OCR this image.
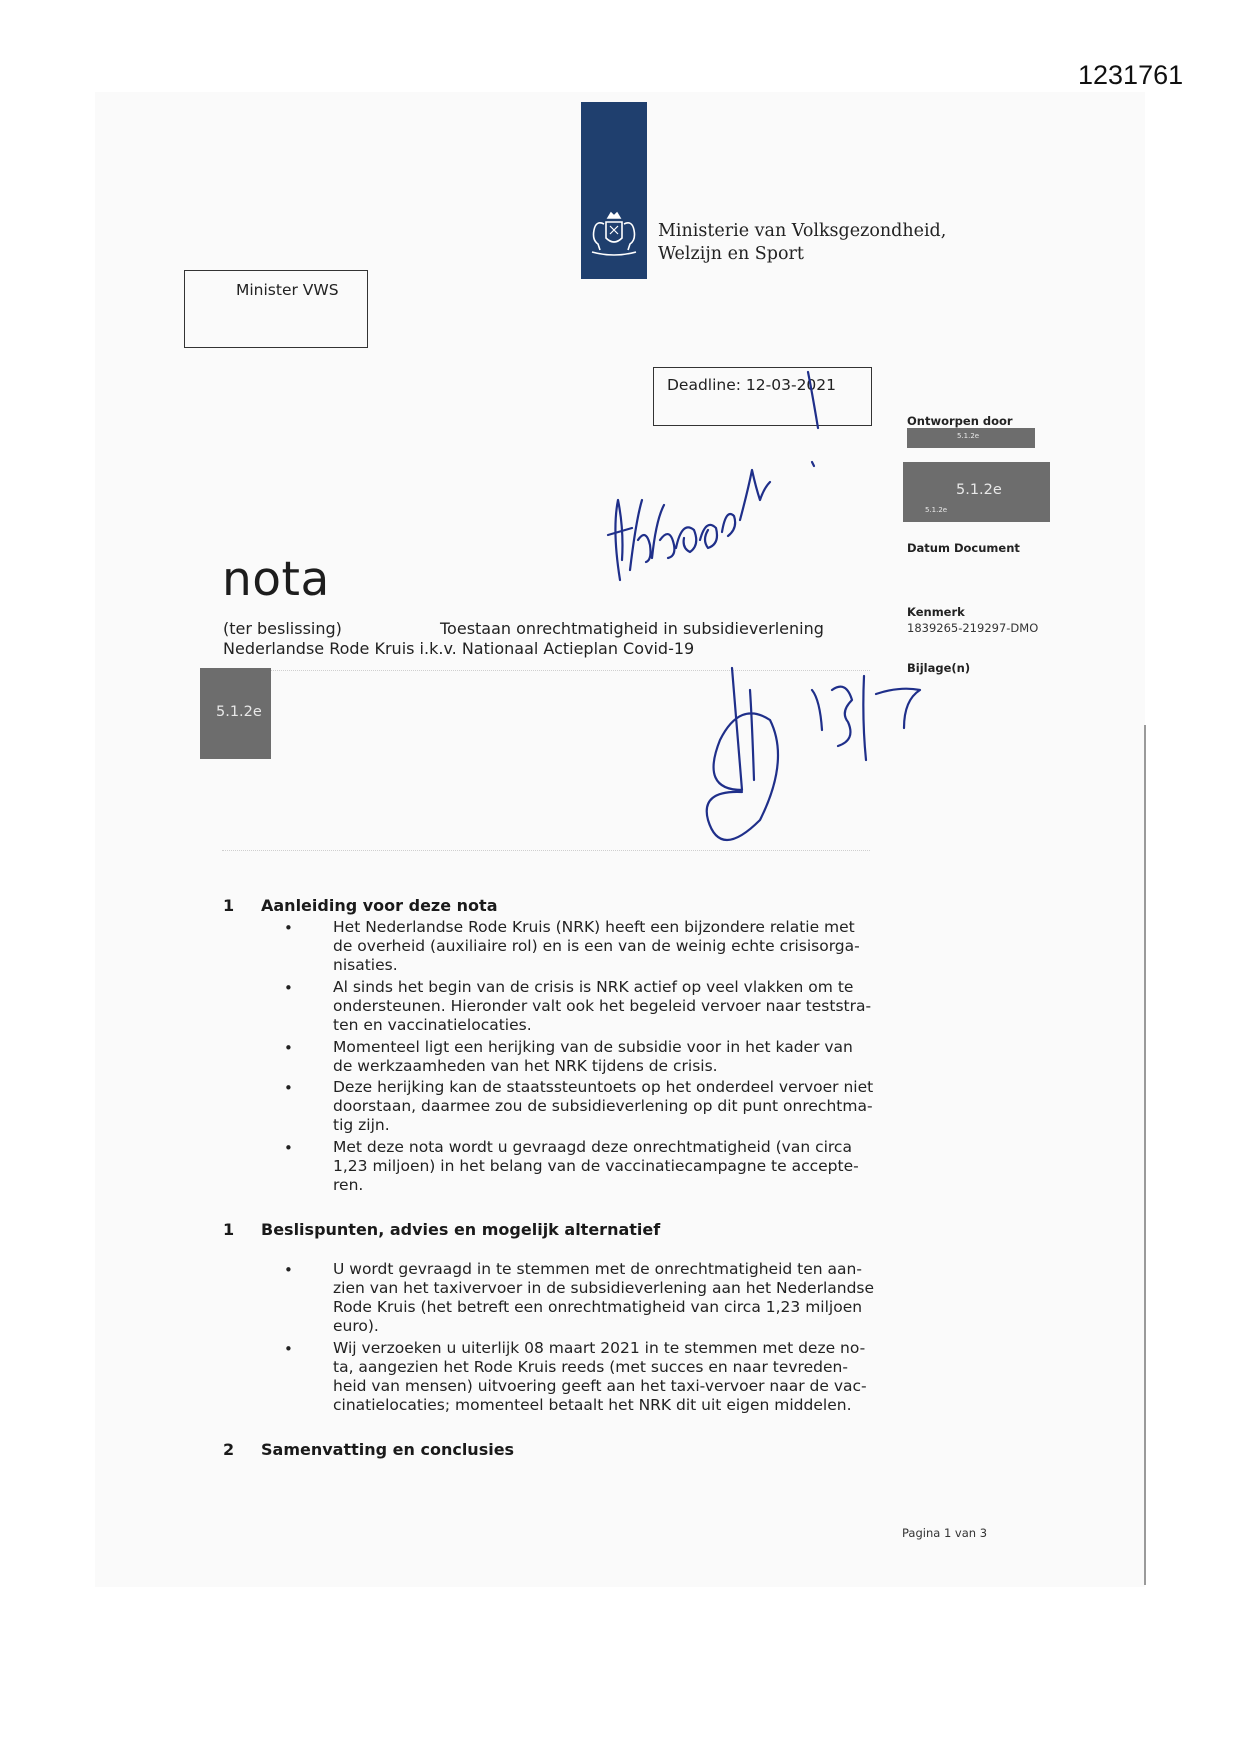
1231761
Ministerie van Volksgezondheid,
Welzijn en Sport
Minister VWS
Deadline: 12-03-2021
Ontworpen door
5.1.2e
5.1.2e
5.1.2e
Datum Document
Kenmerk
1839265-219297-DMO
Bijlage(n)
nota
(ter beslissing)	Toestaan onrechtmatigheid in subsidieverlening
Nederlandse Rode Kruis i.k.v. Nationaal Actieplan Covid-19
5.1.2e
1 Aanleiding voor deze nota
•	Het Nederlandse Rode Kruis (NRK) heeft een bijzondere relatie met
de overheid (auxiliaire rol) en is een van de weinig echte crisisorga-
nisaties.
•	Al sinds het begin van de crisis is NRK actief op veel vlakken om te
ondersteunen. Hieronder valt ook het begeleid vervoer naar teststra-
ten en vaccinatielocaties.
•	Momenteel ligt een herijking van de subsidie voor in het kader van
de werkzaamheden van het NRK tijdens de crisis.
•	Deze herijking kan de staatssteuntoets op het onderdeel vervoer niet
doorstaan, daarmee zou de subsidieverlening op dit punt onrechtma-
tig zijn.
•	Met deze nota wordt u gevraagd deze onrechtmatigheid (van circa
1,23 miljoen) in het belang van de vaccinatiecampagne te accepte-
ren.
1 Beslispunten, advies en mogelijk alternatief
•	U wordt gevraagd in te stemmen met de onrechtmatigheid ten aan-
zien van het taxivervoer in de subsidieverlening aan het Nederlandse
Rode Kruis (het betreft een onrechtmatigheid van circa 1,23 miljoen
euro).
•	Wij verzoeken u uiterlijk 08 maart 2021 in te stemmen met deze no-
ta, aangezien het Rode Kruis reeds (met succes en naar tevreden-
heid van mensen) uitvoering geeft aan het taxi-vervoer naar de vac-
cinatielocaties; momenteel betaalt het NRK dit uit eigen middelen.
2 Samenvatting en conclusies
Pagina 1 van 3
